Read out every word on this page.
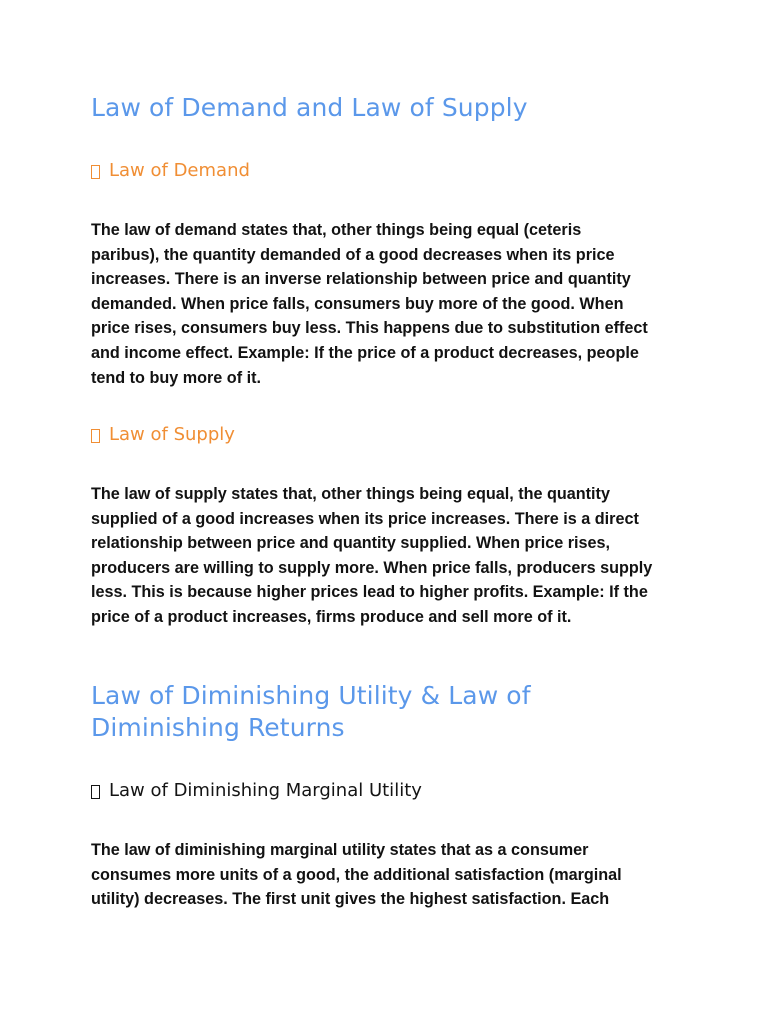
Law of Demand and Law of Supply
Law of Demand
The law of demand states that, other things being equal (ceteris
paribus), the quantity demanded of a good decreases when its price
increases. There is an inverse relationship between price and quantity
demanded. When price falls, consumers buy more of the good. When
price rises, consumers buy less. This happens due to substitution effect
and income effect. Example: If the price of a product decreases, people
tend to buy more of it.
Law of Supply
The law of supply states that, other things being equal, the quantity
supplied of a good increases when its price increases. There is a direct
relationship between price and quantity supplied. When price rises,
producers are willing to supply more. When price falls, producers supply
less. This is because higher prices lead to higher profits. Example: If the
price of a product increases, firms produce and sell more of it.
Law of Diminishing Utility & Law of
Diminishing Returns
Law of Diminishing Marginal Utility
The law of diminishing marginal utility states that as a consumer
consumes more units of a good, the additional satisfaction (marginal
utility) decreases. The first unit gives the highest satisfaction. Each
